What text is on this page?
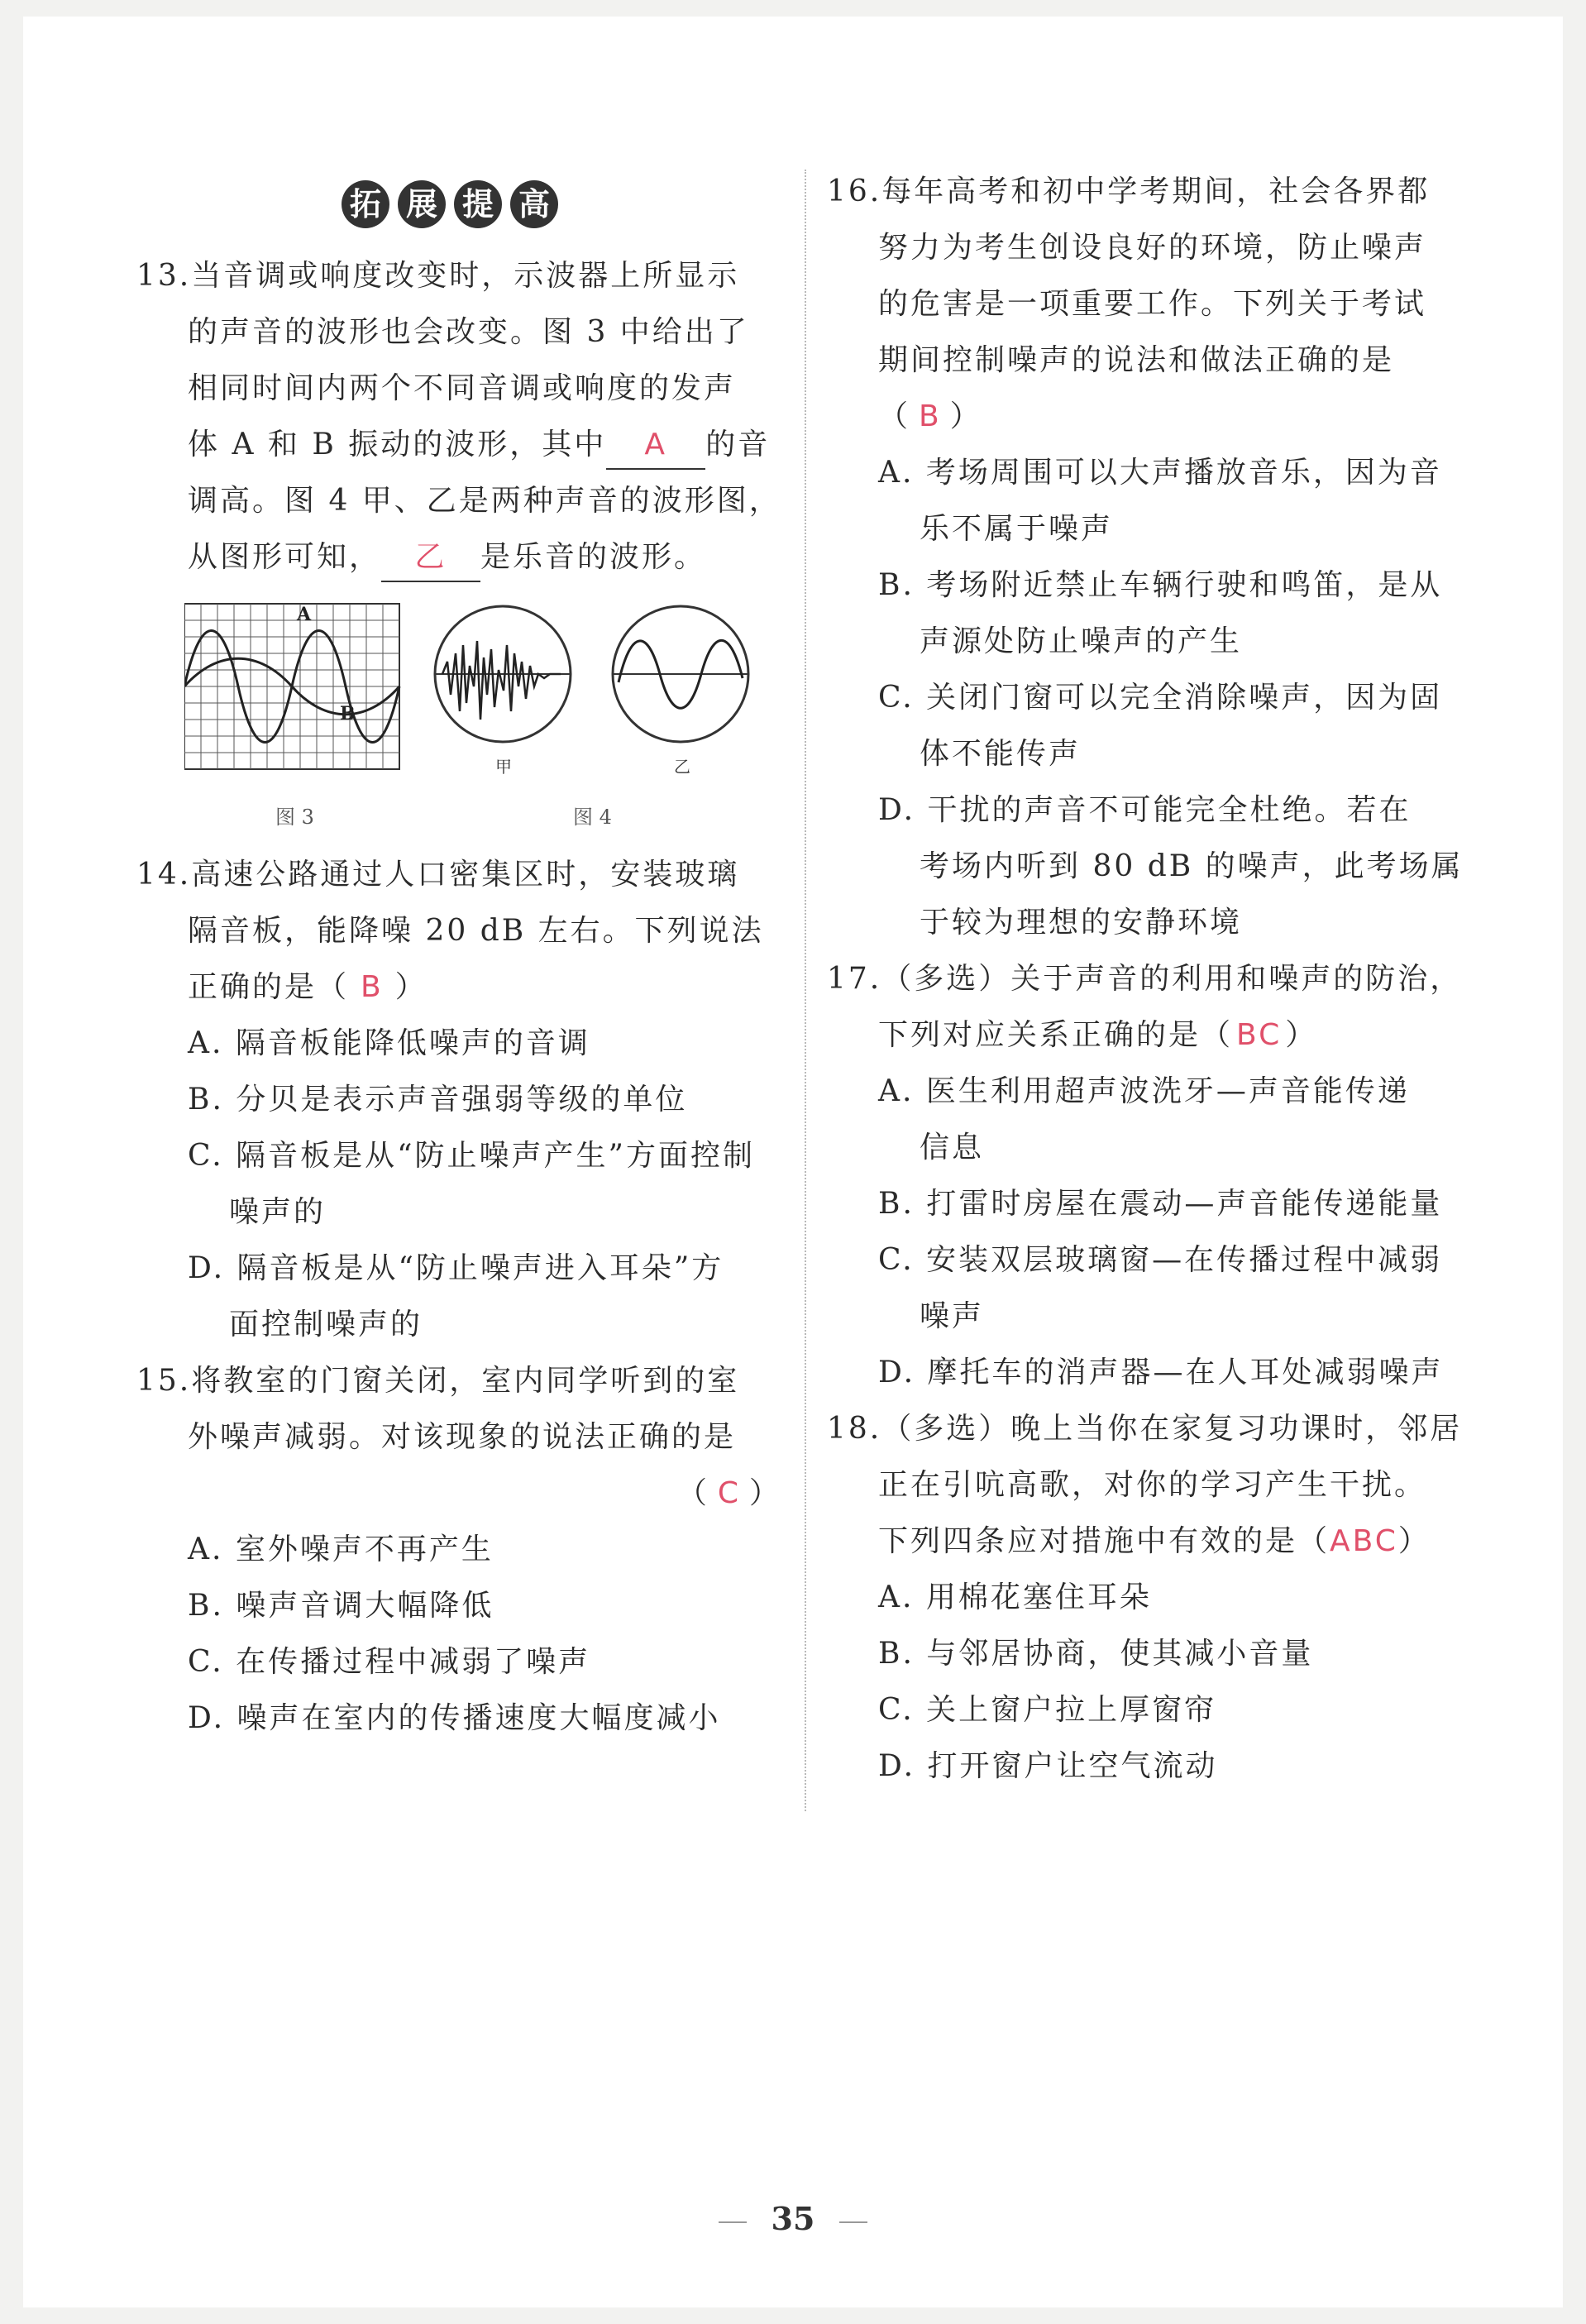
拓 展 提 高
13.当音调或响度改变时，示波器上所显示
的声音的波形也会改变。图 3 中给出了
相同时间内两个不同音调或响度的发声
体 A 和 B 振动的波形，其中 A 的音
调高。图 4 甲、乙是两种声音的波形图，
从图形可知， 乙 是乐音的波形。
A
B
甲	乙
图 3	图 4
14.高速公路通过人口密集区时，安装玻璃
隔音板，能降噪 20 dB 左右。下列说法
正确的是（ B ）
A. 隔音板能降低噪声的音调
B. 分贝是表示声音强弱等级的单位
C. 隔音板是从“防止噪声产生”方面控制
噪声的
D. 隔音板是从“防止噪声进入耳朵”方
面控制噪声的
15.将教室的门窗关闭，室内同学听到的室
外噪声减弱。对该现象的说法正确的是
（ C ）
A. 室外噪声不再产生
B. 噪声音调大幅降低
C. 在传播过程中减弱了噪声
D. 噪声在室内的传播速度大幅度减小
16.每年高考和初中学考期间，社会各界都
努力为考生创设良好的环境，防止噪声
的危害是一项重要工作。下列关于考试
期间控制噪声的说法和做法正确的是
（ B ）
A. 考场周围可以大声播放音乐，因为音
乐不属于噪声
B. 考场附近禁止车辆行驶和鸣笛，是从
声源处防止噪声的产生
C. 关闭门窗可以完全消除噪声，因为固
体不能传声
D. 干扰的声音不可能完全杜绝。若在
考场内听到 80 dB 的噪声，此考场属
于较为理想的安静环境
17.（多选）关于声音的利用和噪声的防治，
下列对应关系正确的是（ BC ）
A. 医生利用超声波洗牙—声音能传递
信息
B. 打雷时房屋在震动—声音能传递能量
C. 安装双层玻璃窗—在传播过程中减弱
噪声
D. 摩托车的消声器—在人耳处减弱噪声
18.（多选）晚上当你在家复习功课时，邻居
正在引吭高歌，对你的学习产生干扰。
下列四条应对措施中有效的是（ABC）
A. 用棉花塞住耳朵
B. 与邻居协商，使其减小音量
C. 关上窗户拉上厚窗帘
D. 打开窗户让空气流动
35
